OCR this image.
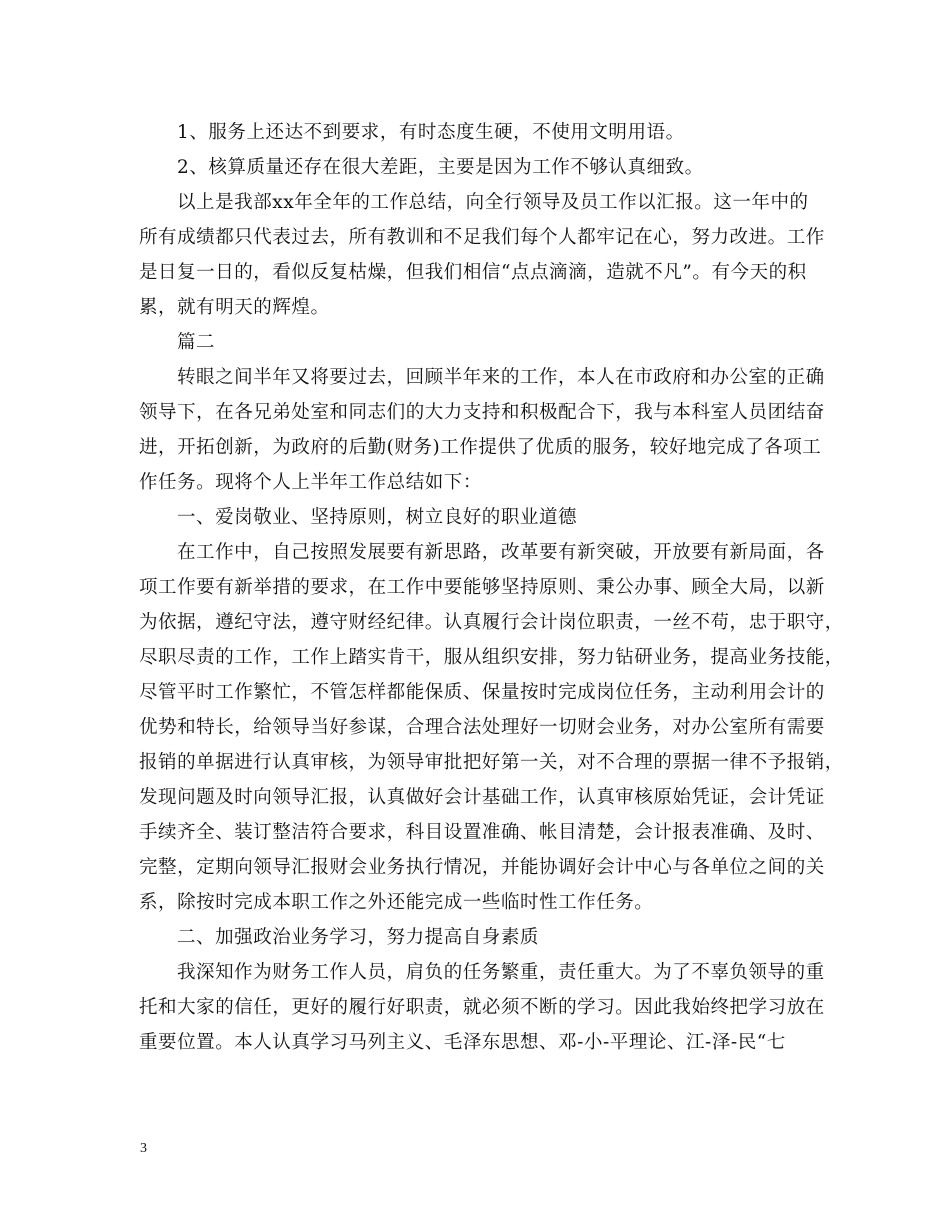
1、服务上还达不到要求，有时态度生硬，不使用文明用语。
2、核算质量还存在很大差距，主要是因为工作不够认真细致。
以上是我部xx年全年的工作总结，向全行领导及员工作以汇报。这一年中的
所有成绩都只代表过去，所有教训和不足我们每个人都牢记在心，努力改进。工作
是日复一日的，看似反复枯燥，但我们相信“点点滴滴，造就不凡”。有今天的积
累，就有明天的辉煌。
篇二
转眼之间半年又将要过去，回顾半年来的工作，本人在市政府和办公室的正确
领导下，在各兄弟处室和同志们的大力支持和积极配合下，我与本科室人员团结奋
进，开拓创新，为政府的后勤(财务)工作提供了优质的服务，较好地完成了各项工
作任务。现将个人上半年工作总结如下：
一、爱岗敬业、坚持原则，树立良好的职业道德
在工作中，自己按照发展要有新思路，改革要有新突破，开放要有新局面，各
项工作要有新举措的要求，在工作中要能够坚持原则、秉公办事、顾全大局，以新
为依据，遵纪守法，遵守财经纪律。认真履行会计岗位职责，一丝不苟，忠于职守，
尽职尽责的工作，工作上踏实肯干，服从组织安排，努力钻研业务，提高业务技能，
尽管平时工作繁忙，不管怎样都能保质、保量按时完成岗位任务，主动利用会计的
优势和特长，给领导当好参谋，合理合法处理好一切财会业务，对办公室所有需要
报销的单据进行认真审核，为领导审批把好第一关，对不合理的票据一律不予报销，
发现问题及时向领导汇报，认真做好会计基础工作，认真审核原始凭证，会计凭证
手续齐全、装订整洁符合要求，科目设置准确、帐目清楚，会计报表准确、及时、
完整，定期向领导汇报财会业务执行情况，并能协调好会计中心与各单位之间的关
系，除按时完成本职工作之外还能完成一些临时性工作任务。
二、加强政治业务学习，努力提高自身素质
我深知作为财务工作人员，肩负的任务繁重，责任重大。为了不辜负领导的重
托和大家的信任，更好的履行好职责，就必须不断的学习。因此我始终把学习放在
重要位置。本人认真学习马列主义、毛泽东思想、邓-小-平理论、江-泽-民“七
3
